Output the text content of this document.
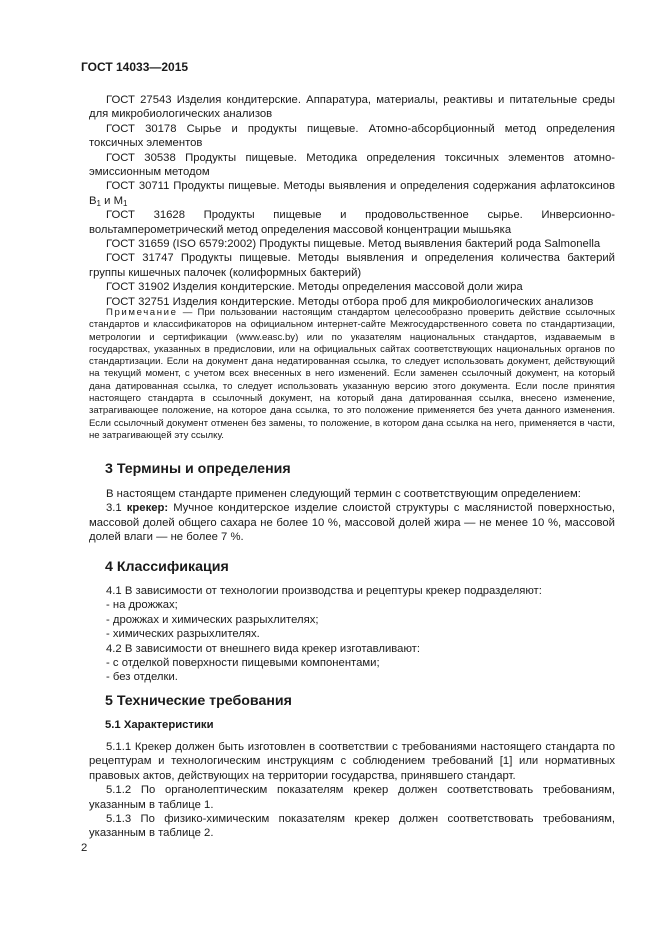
ГОСТ 14033—2015

ГОСТ 27543 Изделия кондитерские. Аппаратура, материалы, реактивы и питательные среды для микробиологических анализов

ГОСТ 30178 Сырье и продукты пищевые. Атомно-абсорбционный метод определения токсичных элементов

ГОСТ 30538 Продукты пищевые. Методика определения токсичных элементов атомно-эмиссионным методом

ГОСТ 30711 Продукты пищевые. Методы выявления и определения содержания афлатоксинов $B_1$ и $M_1$

ГОСТ 31628 Продукты пищевые и продовольственное сырье. Инверсионно-вольтамперометрический метод определения массовой концентрации мышьяка

ГОСТ 31659 (ISO 6579:2002) Продукты пищевые. Метод выявления бактерий рода Salmonella

ГОСТ 31747 Продукты пищевые. Методы выявления и определения количества бактерий группы кишечных палочек (колиформных бактерий)

ГОСТ 31902 Изделия кондитерские. Методы определения массовой доли жира

ГОСТ 32751 Изделия кондитерские. Методы отбора проб для микробиологических анализов

Примечание — При пользовании настоящим стандартом целесообразно проверить действие ссылочных стандартов и классификаторов на официальном интернет-сайте Межгосударственного совета по стандартизации, метрологии и сертификации (www.easc.by) или по указателям национальных стандартов, издаваемым в государствах, указанных в предисловии, или на официальных сайтах соответствующих национальных органов по стандартизации. Если на документ дана недатированная ссылка, то следует использовать документ, действующий на текущий момент, с учетом всех внесенных в него изменений. Если заменен ссылочный документ, на который дана датированная ссылка, то следует использовать указанную версию этого документа. Если после принятия настоящего стандарта в ссылочный документ, на который дана датированная ссылка, внесено изменение, затрагивающее положение, на которое дана ссылка, то это положение применяется без учета данного изменения. Если ссылочный документ отменен без замены, то положение, в котором дана ссылка на него, применяется в части, не затрагивающей эту ссылку.

3 Термины и определения

В настоящем стандарте применен следующий термин с соответствующим определением:

3.1 крекер: Мучное кондитерское изделие слоистой структуры с маслянистой поверхностью, массовой долей общего сахара не более 10 %, массовой долей жира — не менее 10 %, массовой долей влаги — не более 7 %.

4 Классификация

4.1 В зависимости от технологии производства и рецептуры крекер подразделяют:

- на дрожжах;

- дрожжах и химических разрыхлителях;

- химических разрыхлителях.

4.2 В зависимости от внешнего вида крекер изготавливают:

- с отделкой поверхности пищевыми компонентами;

- без отделки.

5 Технические требования
5.1 Характеристики

5.1.1 Крекер должен быть изготовлен в соответствии с требованиями настоящего стандарта по рецептурам и технологическим инструкциям с соблюдением требований [1] или нормативных правовых актов, действующих на территории государства, принявшего стандарт.

5.1.2 По органолептическим показателям крекер должен соответствовать требованиям, указанным в таблице 1.

5.1.3 По физико-химическим показателям крекер должен соответствовать требованиям, указанным в таблице 2.

2
